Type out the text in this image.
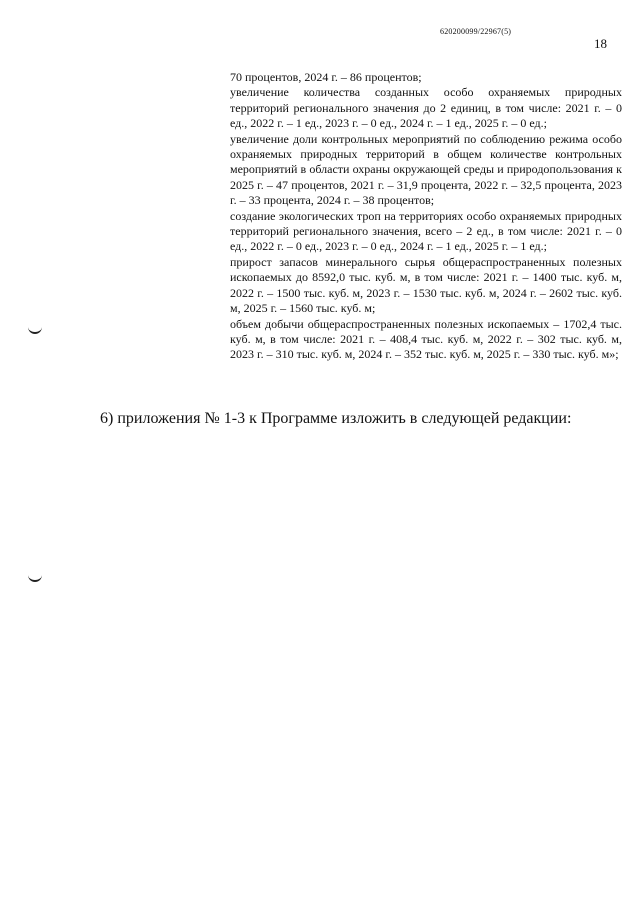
620200099/22967(5)
18

70 процентов, 2024 г. – 86 процентов;

увеличение количества созданных особо охраняемых природных территорий регионального значения до 2 единиц, в том числе: 2021 г. – 0 ед., 2022 г. – 1 ед., 2023 г. – 0 ед., 2024 г. – 1 ед., 2025 г. – 0 ед.;

увеличение доли контрольных мероприятий по соблюдению режима особо охраняемых природных территорий в общем количестве контрольных мероприятий в области охраны окружающей среды и природопользования к 2025 г. – 47 процентов, 2021 г. – 31,9 процента, 2022 г. – 32,5 процента, 2023 г. – 33 процента, 2024 г. – 38 процентов;

создание экологических троп на территориях особо охраняемых природных территорий регионального значения, всего – 2 ед., в том числе: 2021 г. – 0 ед., 2022 г. – 0 ед., 2023 г. – 0 ед., 2024 г. – 1 ед., 2025 г. – 1 ед.;

прирост запасов минерального сырья общераспространенных полезных ископаемых до 8592,0 тыс. куб. м, в том числе: 2021 г. – 1400 тыс. куб. м, 2022 г. – 1500 тыс. куб. м, 2023 г. – 1530 тыс. куб. м, 2024 г. – 2602 тыс. куб. м, 2025 г. – 1560 тыс. куб. м;

объем добычи общераспространенных полезных ископаемых – 1702,4 тыс. куб. м, в том числе: 2021 г. – 408,4 тыс. куб. м, 2022 г. – 302 тыс. куб. м, 2023 г. – 310 тыс. куб. м, 2024 г. – 352 тыс. куб. м, 2025 г. – 330 тыс. куб. м»;

6) приложения № 1-3 к Программе изложить в следующей редакции:
